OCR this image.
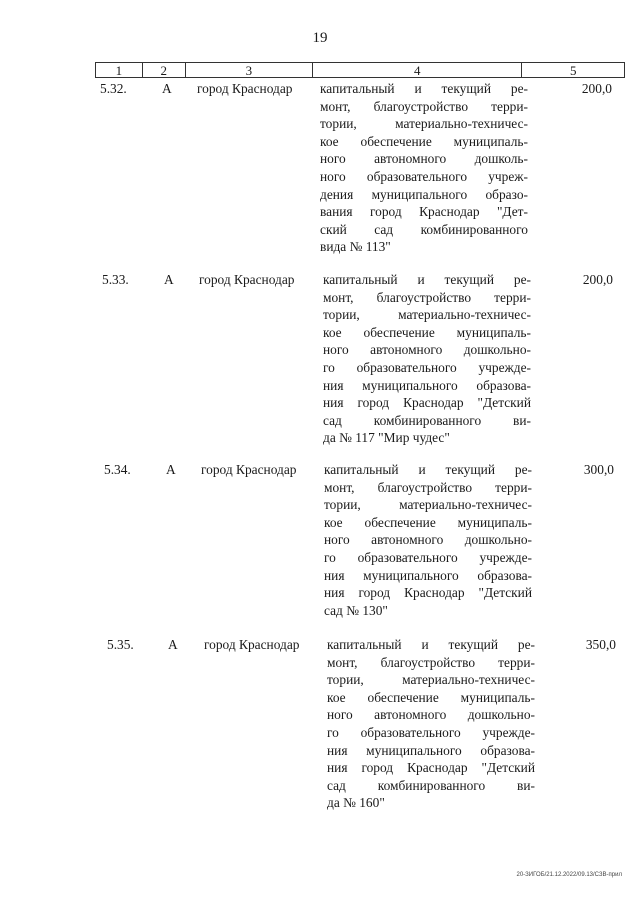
19
1	2	3	4	5
5.32.	А	город Краснодар	капитальный и текущий ре-
монт, благоустройство терри-
тории, материально-техничес-
кое обеспечение муниципаль-
ного автономного дошколь-
ного образовательного учреж-
дения муниципального образо-
вания город Краснодар "Дет-
ский сад комбинированного
вида № 113"
200,0
5.33.	А	город Краснодар	капитальный и текущий ре-
монт, благоустройство терри-
тории, материально-техничес-
кое обеспечение муниципаль-
ного автономного дошкольно-
го образовательного учрежде-
ния муниципального образова-
ния город Краснодар "Детский
сад комбинированного ви-
да № 117 "Мир чудес"
200,0
5.34.	А	город Краснодар	капитальный и текущий ре-
монт, благоустройство терри-
тории, материально-техничес-
кое обеспечение муниципаль-
ного автономного дошкольно-
го образовательного учрежде-
ния муниципального образова-
ния город Краснодар "Детский
сад № 130"
300,0
5.35.	А	город Краснодар	капитальный и текущий ре-
монт, благоустройство терри-
тории, материально-техничес-
кое обеспечение муниципаль-
ного автономного дошкольно-
го образовательного учрежде-
ния муниципального образова-
ния город Краснодар "Детский
сад комбинированного ви-
да № 160"
350,0
20-ЗИГОБ/21.12.2022/09.13/СЗВ-прил
